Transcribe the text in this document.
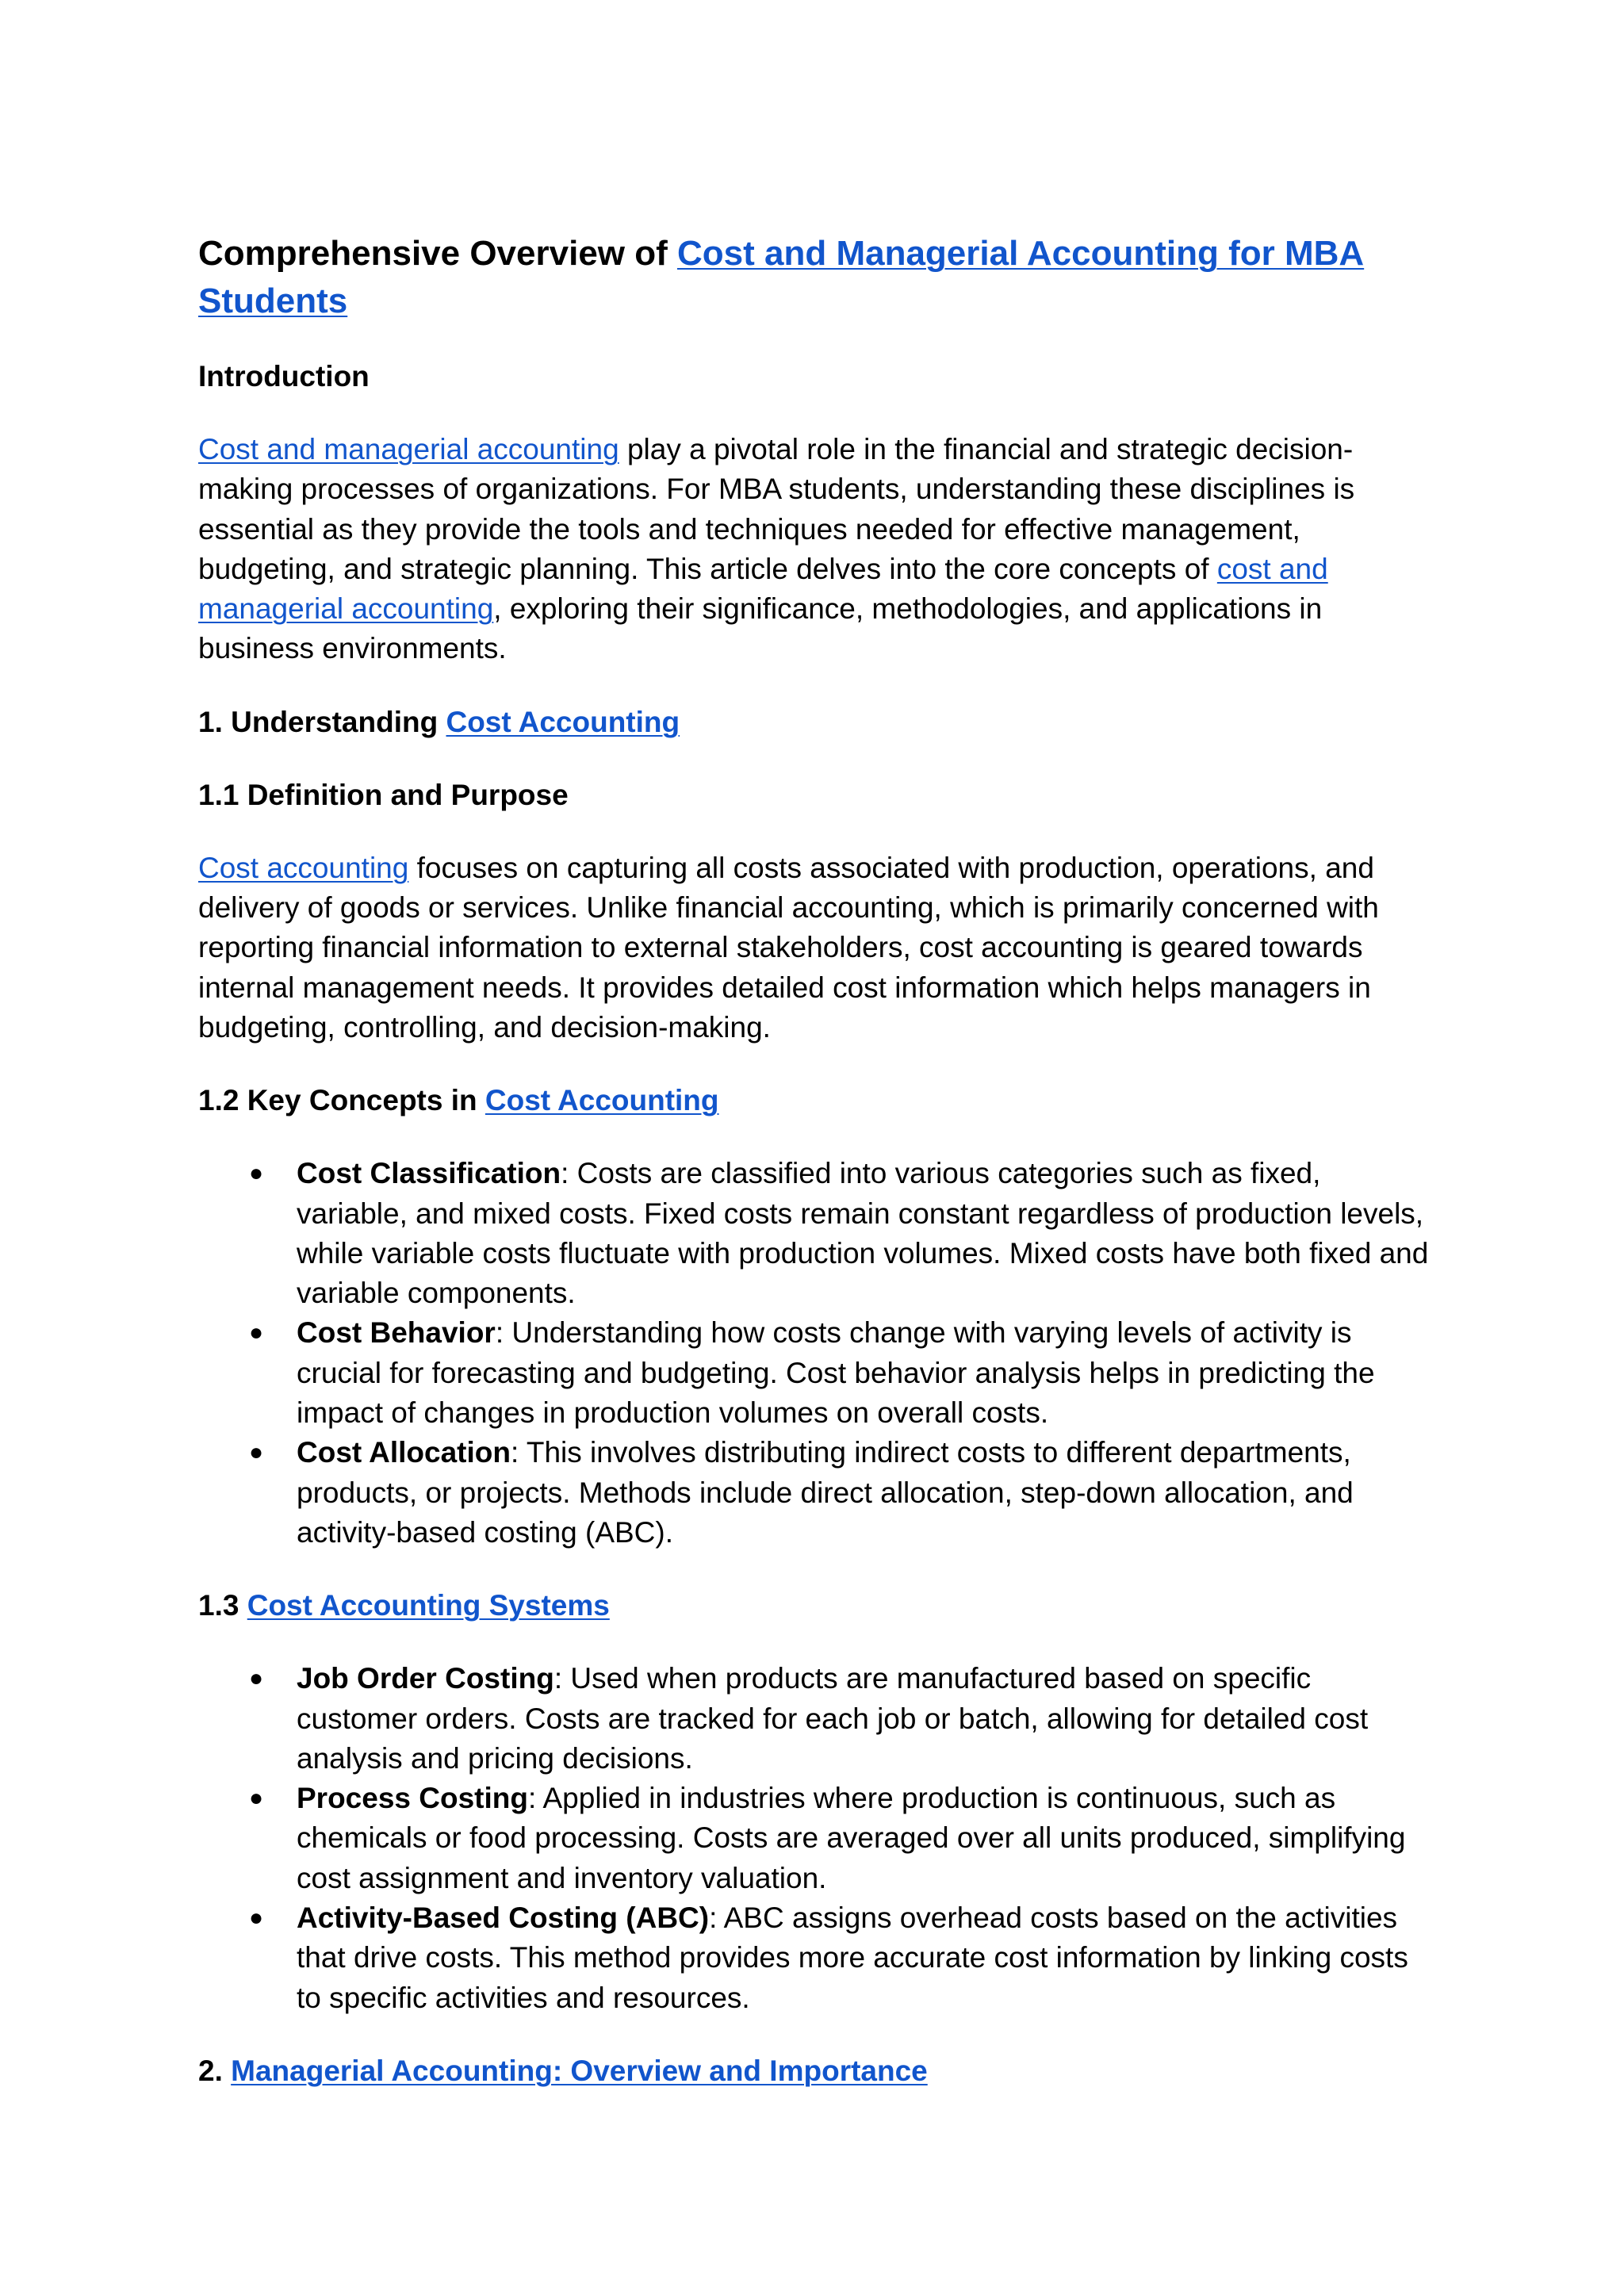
Comprehensive Overview of Cost and Managerial Accounting for MBA Students
Introduction

Cost and managerial accounting play a pivotal role in the financial and strategic decision-making processes of organizations. For MBA students, understanding these disciplines is essential as they provide the tools and techniques needed for effective management, budgeting, and strategic planning. This article delves into the core concepts of cost and managerial accounting, exploring their significance, methodologies, and applications in business environments.

1. Understanding Cost Accounting
1.1 Definition and Purpose

Cost accounting focuses on capturing all costs associated with production, operations, and delivery of goods or services. Unlike financial accounting, which is primarily concerned with reporting financial information to external stakeholders, cost accounting is geared towards internal management needs. It provides detailed cost information which helps managers in budgeting, controlling, and decision-making.

1.2 Key Concepts in Cost Accounting
● Cost Classification: Costs are classified into various categories such as fixed, variable, and mixed costs. Fixed costs remain constant regardless of production levels, while variable costs fluctuate with production volumes. Mixed costs have both fixed and variable components.
● Cost Behavior: Understanding how costs change with varying levels of activity is crucial for forecasting and budgeting. Cost behavior analysis helps in predicting the impact of changes in production volumes on overall costs.
● Cost Allocation: This involves distributing indirect costs to different departments, products, or projects. Methods include direct allocation, step-down allocation, and activity-based costing (ABC).
1.3 Cost Accounting Systems
● Job Order Costing: Used when products are manufactured based on specific customer orders. Costs are tracked for each job or batch, allowing for detailed cost analysis and pricing decisions.
● Process Costing: Applied in industries where production is continuous, such as chemicals or food processing. Costs are averaged over all units produced, simplifying cost assignment and inventory valuation.
● Activity-Based Costing (ABC): ABC assigns overhead costs based on the activities that drive costs. This method provides more accurate cost information by linking costs to specific activities and resources.
2. Managerial Accounting: Overview and Importance
